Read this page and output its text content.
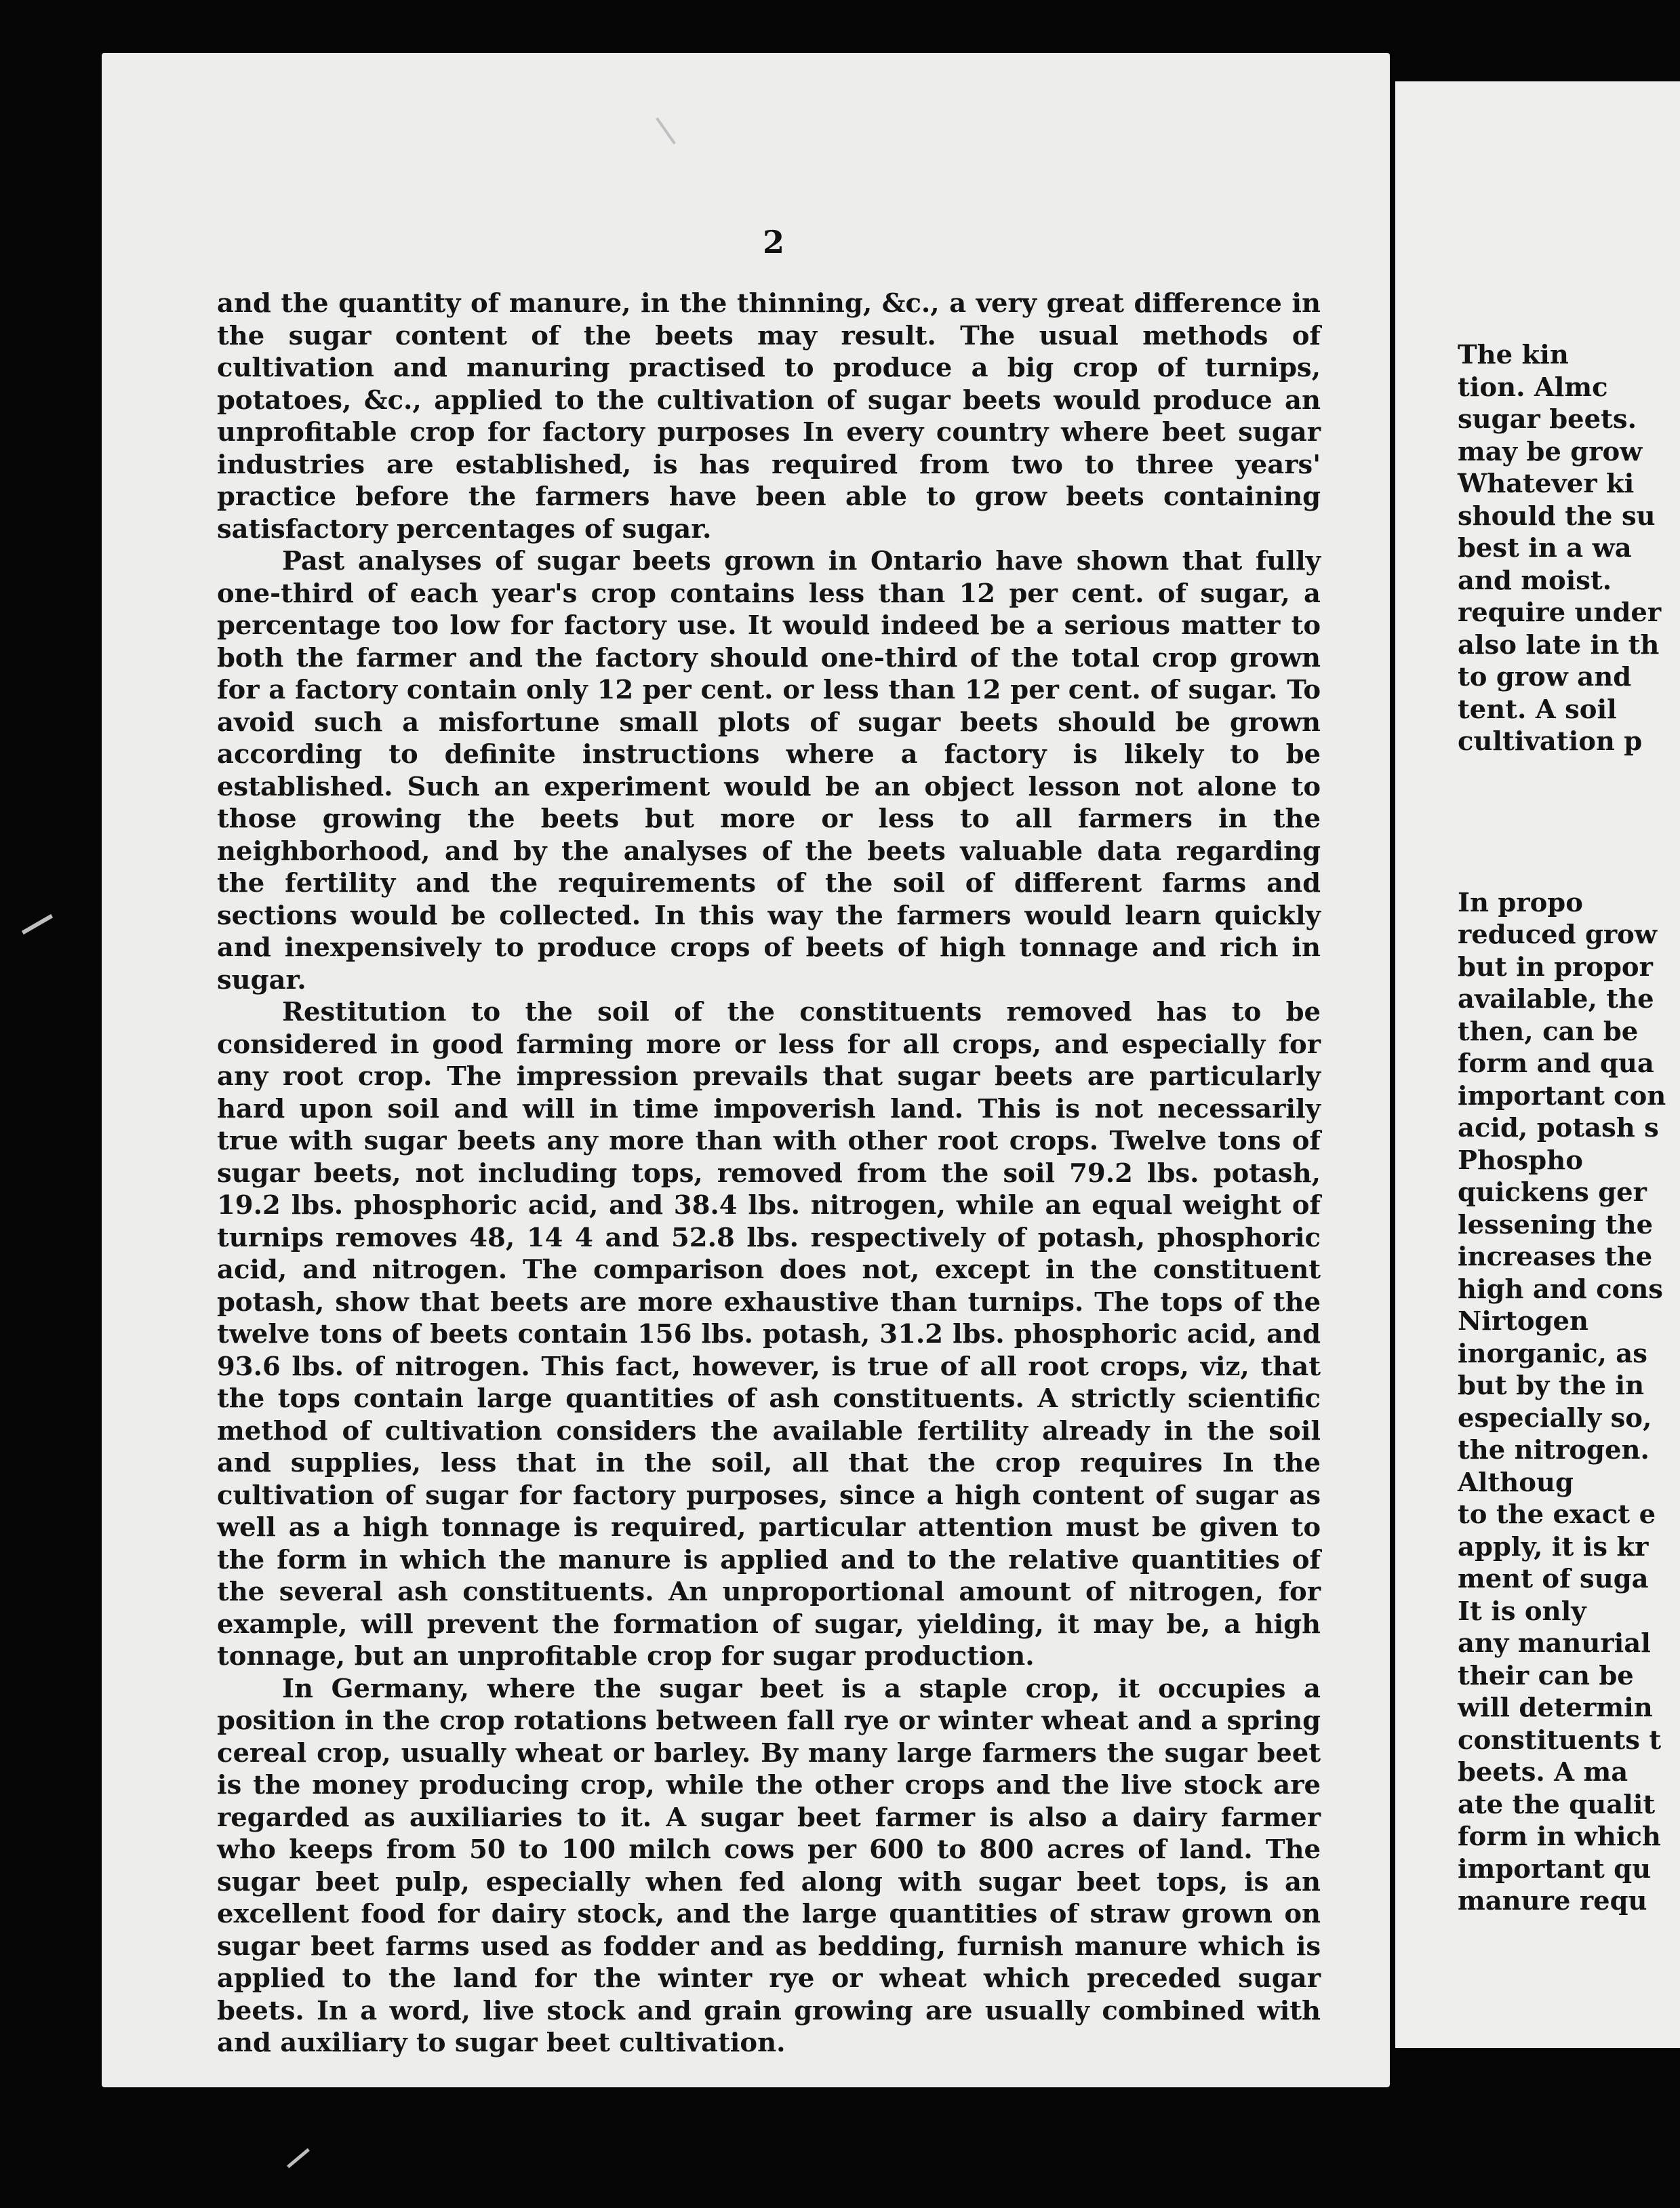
2

and the quantity of manure, in the thinning, &c., a very great difference in the sugar content of the beets may result. The usual methods of cultivation and manuring practised to produce a big crop of turnips, potatoes, &c., applied to the cultivation of sugar beets would produce an unprofitable crop for factory purposes In every country where beet sugar industries are established, is has required from two to three years' practice before the farmers have been able to grow beets containing satisfactory percentages of sugar.

Past analyses of sugar beets grown in Ontario have shown that fully one-third of each year's crop contains less than 12 per cent. of sugar, a percentage too low for factory use. It would indeed be a serious matter to both the farmer and the factory should one-third of the total crop grown for a factory contain only 12 per cent. or less than 12 per cent. of sugar. To avoid such a misfortune small plots of sugar beets should be grown according to definite instructions where a factory is likely to be established. Such an experiment would be an object lesson not alone to those growing the beets but more or less to all farmers in the neighborhood, and by the analyses of the beets valuable data regarding the fertility and the requirements of the soil of different farms and sections would be collected. In this way the farmers would learn quickly and inexpensively to produce crops of beets of high tonnage and rich in sugar.

Restitution to the soil of the constituents removed has to be considered in good farming more or less for all crops, and especially for any root crop. The impression prevails that sugar beets are particularly hard upon soil and will in time impoverish land. This is not necessarily true with sugar beets any more than with other root crops. Twelve tons of sugar beets, not including tops, removed from the soil 79.2 lbs. potash, 19.2 lbs. phosphoric acid, and 38.4 lbs. nitrogen, while an equal weight of turnips removes 48, 14 4 and 52.8 lbs. respectively of potash, phosphoric acid, and nitrogen. The comparison does not, except in the constituent potash, show that beets are more exhaustive than turnips. The tops of the twelve tons of beets contain 156 lbs. potash, 31.2 lbs. phosphoric acid, and 93.6 lbs. of nitrogen. This fact, however, is true of all root crops, viz, that the tops contain large quantities of ash constituents. A strictly scientific method of cultivation considers the available fertility already in the soil and supplies, less that in the soil, all that the crop requires In the cultivation of sugar for factory purposes, since a high content of sugar as well as a high tonnage is required, particular attention must be given to the form in which the manure is applied and to the relative quantities of the several ash constituents. An unproportional amount of nitrogen, for example, will prevent the formation of sugar, yielding, it may be, a high tonnage, but an unprofitable crop for sugar production.

In Germany, where the sugar beet is a staple crop, it occupies a position in the crop rotations between fall rye or winter wheat and a spring cereal crop, usually wheat or barley. By many large farmers the sugar beet is the money producing crop, while the other crops and the live stock are regarded as auxiliaries to it. A sugar beet farmer is also a dairy farmer who keeps from 50 to 100 milch cows per 600 to 800 acres of land. The sugar beet pulp, especially when fed along with sugar beet tops, is an excellent food for dairy stock, and the large quantities of straw grown on sugar beet farms used as fodder and as bedding, furnish manure which is applied to the land for the winter rye or wheat which preceded sugar beets. In a word, live stock and grain growing are usually combined with and auxiliary to sugar beet cultivation.

The kin
tion. Almc
sugar beets.
may be grow
Whatever ki
should the su
best in a wa
and moist.
require under
also late in th
to grow and
tent. A soil
cultivation p
In propo
reduced grow
but in propor
available, the
then, can be
form and qua
important con
acid, potash s
Phospho
quickens ger
lessening the
increases the
high and cons
Nirtogen
inorganic, as
but by the in
especially so,
the nitrogen.
Althoug
to the exact e
apply, it is kr
ment of suga
It is only
any manurial
their can be
will determin
constituents t
beets. A ma
ate the qualit
form in which
important qu
manure requ
